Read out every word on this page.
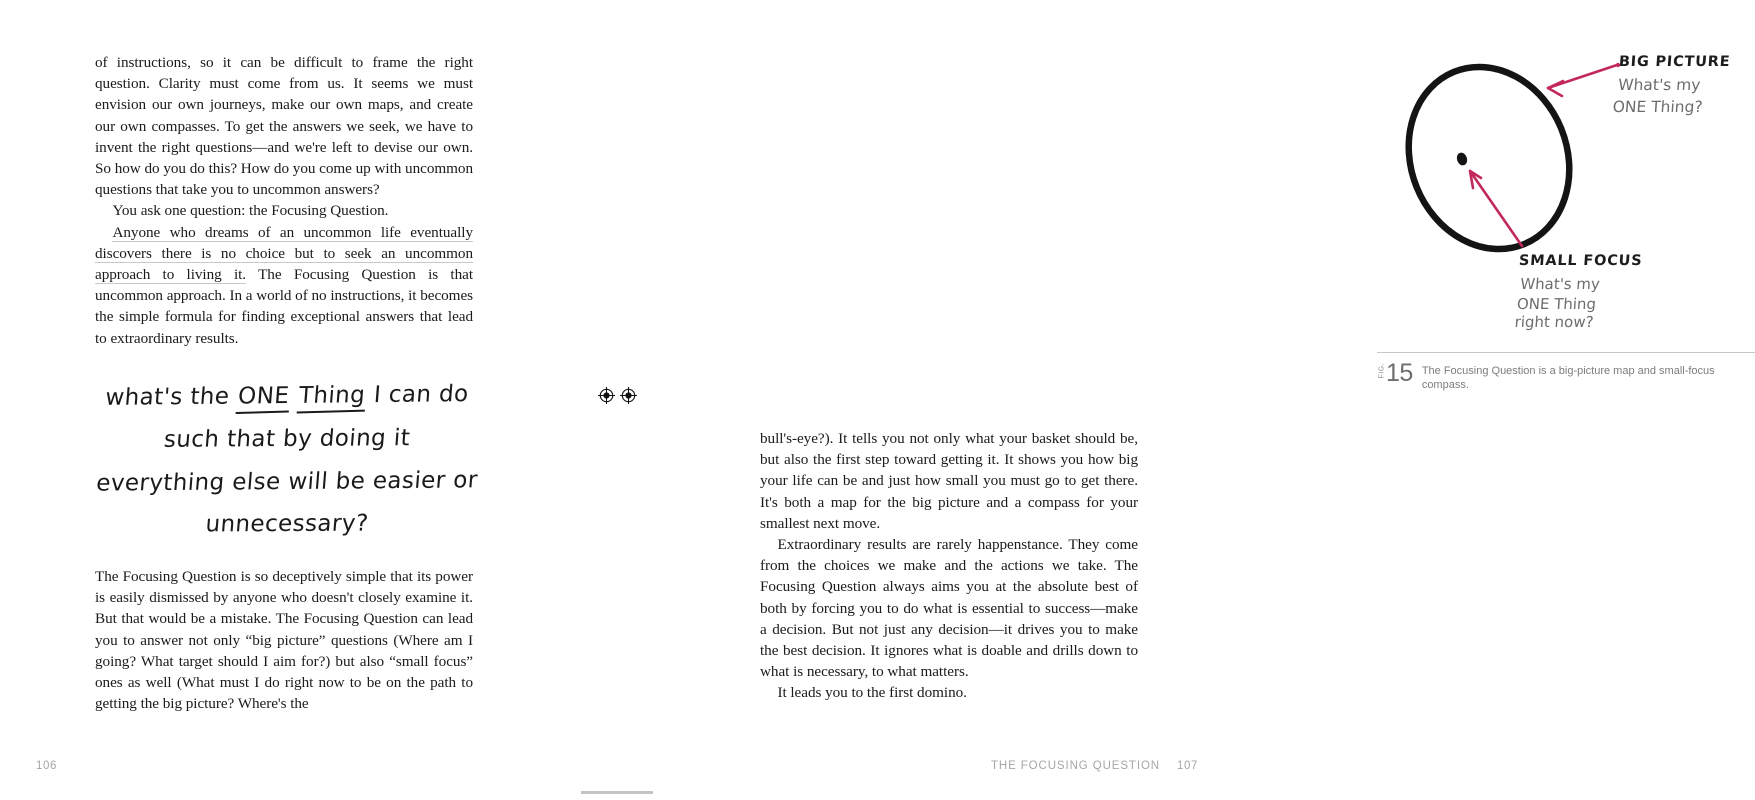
of instructions, so it can be difficult to frame the right question. Clarity must come from us. It seems we must envision our own journeys, make our own maps, and create our own compasses. To get the answers we seek, we have to invent the right questions—and we're left to devise our own. So how do you do this? How do you come up with uncommon questions that take you to uncommon answers?

You ask one question: the Focusing Question.

Anyone who dreams of an uncommon life eventually discovers there is no choice but to seek an uncommon approach to living it. The Focusing Question is that uncommon approach. In a world of no instructions, it becomes the simple formula for finding exceptional answers that lead to extraordinary results.

what's the ONE Thing I can do
such that by doing it
everything else will be easier or
unnecessary?

The Focusing Question is so deceptively simple that its power is easily dismissed by anyone who doesn't closely examine it. But that would be a mistake. The Focusing Question can lead you to answer not only “big picture” questions (Where am I going? What target should I aim for?) but also “small focus” ones as well (What must I do right now to be on the path to getting the big picture? Where's the

106
BIG PICTURE
What's my
ONE Thing?
SMALL FOCUS
What's my
ONE Thing
right now?
FIG. 15 The Focusing Question is a big-picture map and small-focus compass.

bull's-eye?). It tells you not only what your basket should be, but also the first step toward getting it. It shows you how big your life can be and just how small you must go to get there. It's both a map for the big picture and a compass for your smallest next move.

Extraordinary results are rarely happenstance. They come from the choices we make and the actions we take. The Focusing Question always aims you at the absolute best of both by forcing you to do what is essential to success—make a decision. But not just any decision—it drives you to make the best decision. It ignores what is doable and drills down to what is necessary, to what matters.

It leads you to the first domino.

THE FOCUSING QUESTION 107
